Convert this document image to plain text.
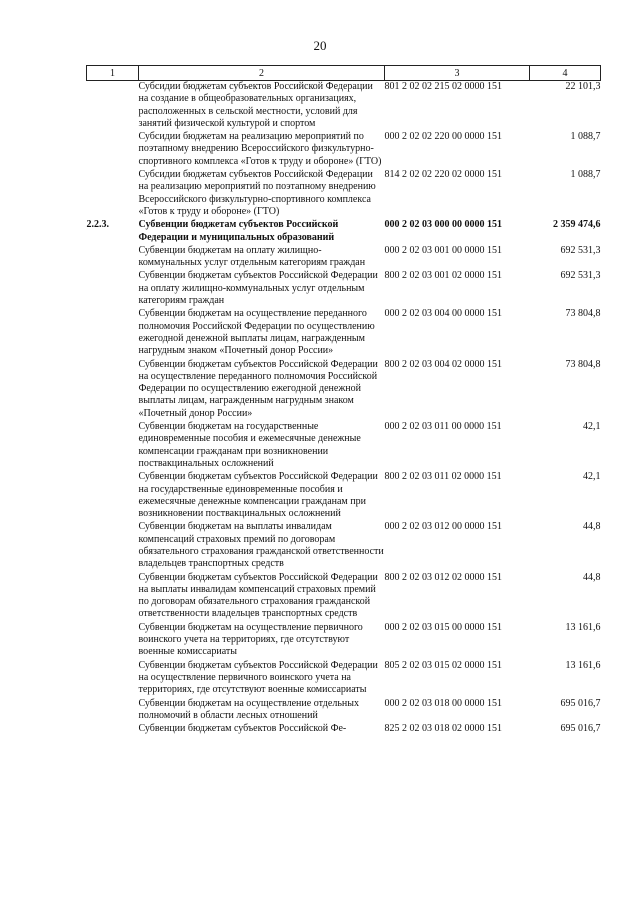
20
1	2	3	4
	Субсидии бюджетам субъектов Российской Федерации на создание в общеобразовательных организациях, расположенных в сельской местности, условий для занятий физической культурой и спортом	801 2 02 02 215 02 0000 151	22 101,3
	Субсидии бюджетам на реализацию мероприятий по поэтапному внедрению Всероссийского физкультурно-спортивного комплекса «Готов к труду и обороне» (ГТО)	000 2 02 02 220 00 0000 151	1 088,7
	Субсидии бюджетам субъектов Российской Федерации на реализацию мероприятий по поэтапному внедрению Всероссийского физкультурно-спортивного комплекса «Готов к труду и обороне» (ГТО)	814 2 02 02 220 02 0000 151	1 088,7
2.2.3.	Субвенции бюджетам субъектов Российской Федерации и муниципальных образований	000 2 02 03 000 00 0000 151	2 359 474,6
	Субвенции бюджетам на оплату жилищно-коммунальных услуг отдельным категориям граждан	000 2 02 03 001 00 0000 151	692 531,3
	Субвенции бюджетам субъектов Российской Федерации на оплату жилищно-коммунальных услуг отдельным категориям граждан	800 2 02 03 001 02 0000 151	692 531,3
	Субвенции бюджетам на осуществление переданного полномочия Российской Федерации по осуществлению ежегодной денежной выплаты лицам, награжденным нагрудным знаком «Почетный донор России»	000 2 02 03 004 00 0000 151	73 804,8
	Субвенции бюджетам субъектов Российской Федерации на осуществление переданного полномочия Российской Федерации по осуществлению ежегодной денежной выплаты лицам, награжденным нагрудным знаком «Почетный донор России»	800 2 02 03 004 02 0000 151	73 804,8
	Субвенции бюджетам на государственные единовременные пособия и ежемесячные денежные компенсации гражданам при возникновении поствакцинальных осложнений	000 2 02 03 011 00 0000 151	42,1
	Субвенции бюджетам субъектов Российской Федерации на государственные единовременные пособия и ежемесячные денежные компенсации гражданам при возникновении поствакцинальных осложнений	800 2 02 03 011 02 0000 151	42,1
	Субвенции бюджетам на выплаты инвалидам компенсаций страховых премий по договорам обязательного страхования гражданской ответственности владельцев транспортных средств	000 2 02 03 012 00 0000 151	44,8
	Субвенции бюджетам субъектов Российской Федерации на выплаты инвалидам компенсаций страховых премий по договорам обязательного страхования гражданской ответственности владельцев транспортных средств	800 2 02 03 012 02 0000 151	44,8
	Субвенции бюджетам на осуществление первичного воинского учета на территориях, где отсутствуют военные комиссариаты	000 2 02 03 015 00 0000 151	13 161,6
	Субвенции бюджетам субъектов Российской Федерации на осуществление первичного воинского учета на территориях, где отсутствуют военные комиссариаты	805 2 02 03 015 02 0000 151	13 161,6
	Субвенции бюджетам на осуществление отдельных полномочий в области лесных отношений	000 2 02 03 018 00 0000 151	695 016,7
	Субвенции бюджетам субъектов Российской Фе-	825 2 02 03 018 02 0000 151	695 016,7
